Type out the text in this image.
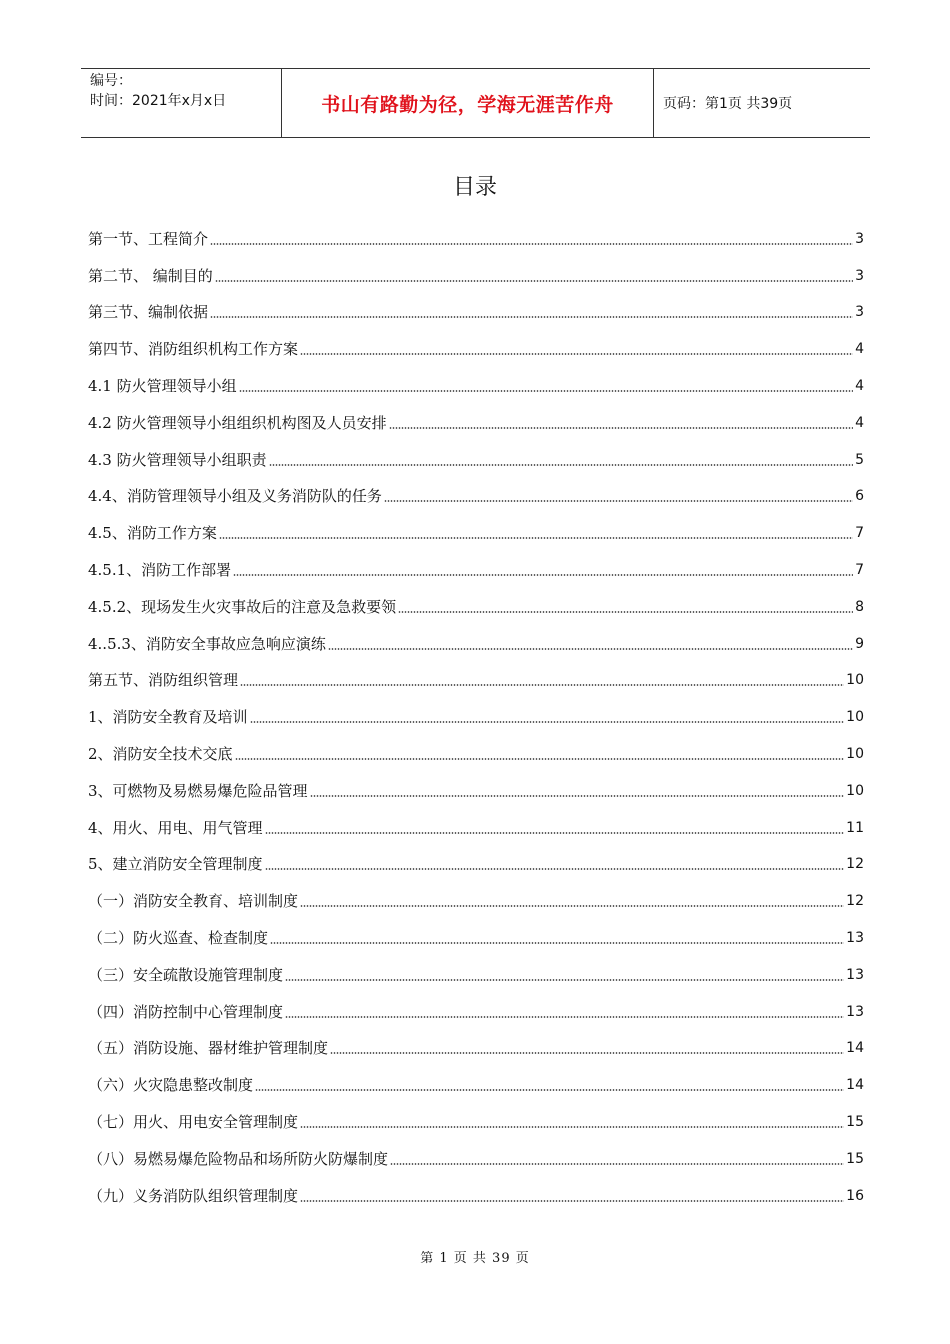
编号：
时间：2021年x月x日	书山有路勤为径，学海无涯苦作舟	页码：第1页 共39页
目录
第一节、工程简介	3
第二节、 编制目的	3
第三节、编制依据	3
第四节、消防组织机构工作方案	4
4.1 防火管理领导小组	4
4.2 防火管理领导小组组织机构图及人员安排	4
4.3 防火管理领导小组职责	5
4.4、消防管理领导小组及义务消防队的任务	6
4.5、消防工作方案	7
4.5.1、消防工作部署	7
4.5.2、现场发生火灾事故后的注意及急救要领	8
4..5.3、消防安全事故应急响应演练	9
第五节、消防组织管理	10
1、消防安全教育及培训	10
2、消防安全技术交底	10
3、可燃物及易燃易爆危险品管理	10
4、用火、用电、用气管理	11
5、建立消防安全管理制度	12
（一）消防安全教育、培训制度	12
（二）防火巡查、检查制度	13
（三）安全疏散设施管理制度	13
（四）消防控制中心管理制度	13
（五）消防设施、器材维护管理制度	14
（六）火灾隐患整改制度	14
（七）用火、用电安全管理制度	15
（八）易燃易爆危险物品和场所防火防爆制度	15
（九）义务消防队组织管理制度	16
第 1 页 共 39 页
